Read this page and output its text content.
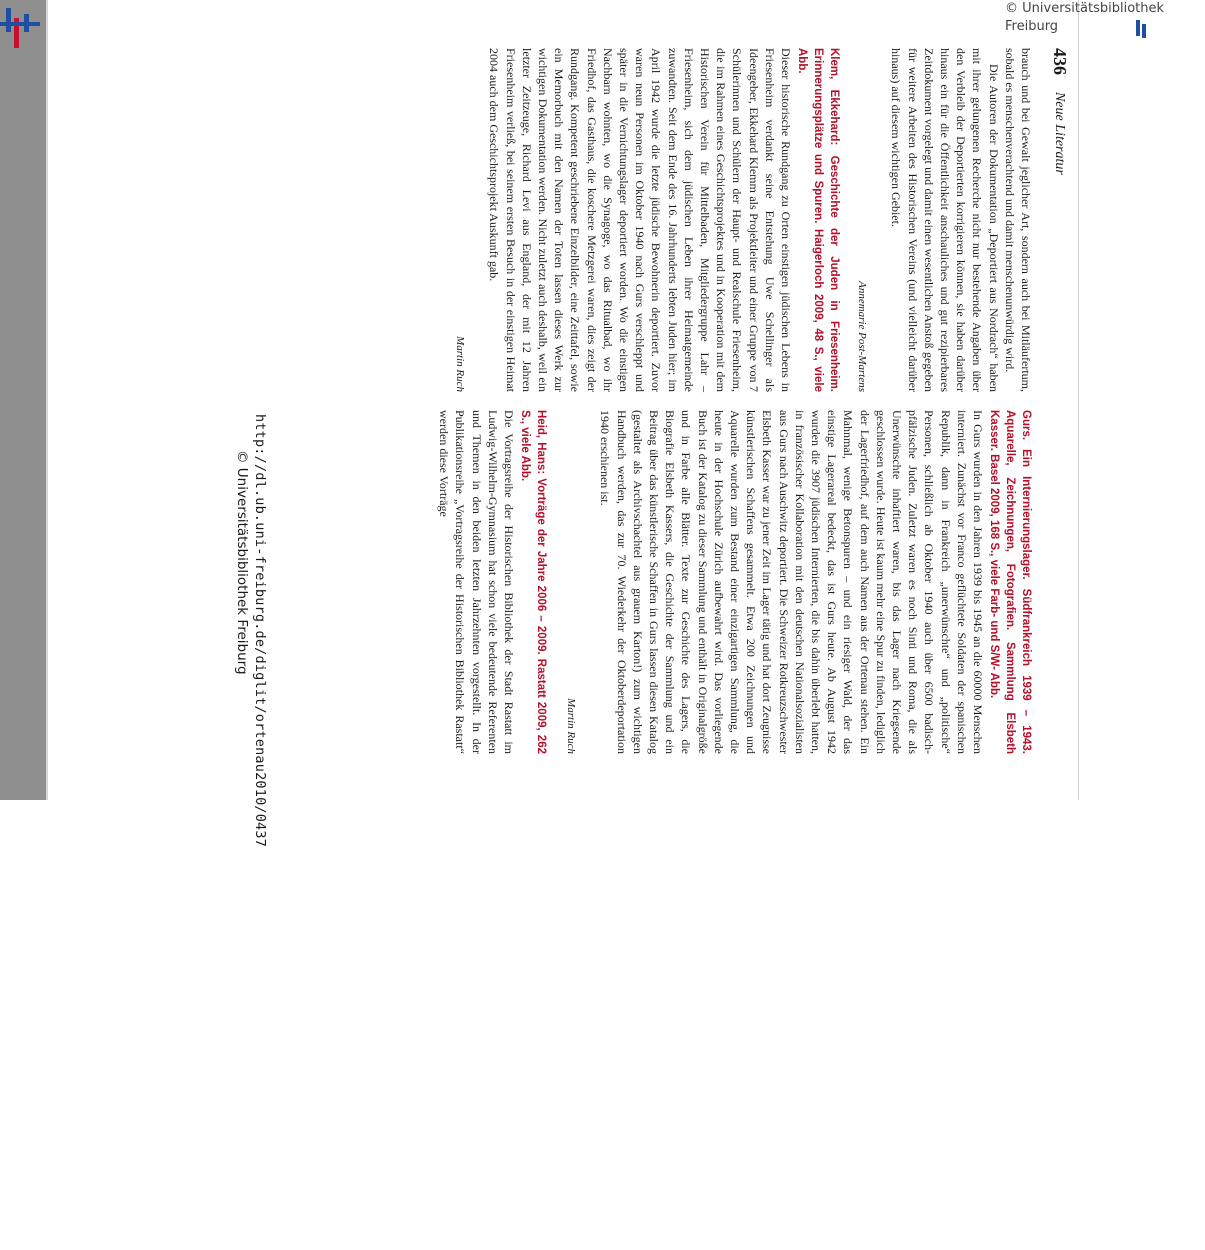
436
Neue Literatur

brauch und bei Gewalt jeglicher Art, sondern auch bei Mitläufertum, sobald es menschenverachtend und damit menschenunwürdig wird.

Die Autoren der Dokumentation „Deportiert aus Nordrach“ haben mit ihrer gelungenen Recherche nicht nur bestehende Angaben über den Verbleib der Deportierten korrigieren können, sie haben darüber hinaus ein für die Öffentlichkeit anschauliches und gut rezipierbares Zeitdokument vorgelegt und damit einen wesentlichen Anstoß gegeben für weitere Arbeiten des Historischen Vereins (und vielleicht darüber hinaus) auf diesem wichtigen Gebiet.

Annemarie Post-Martens

Klem, Ekkehard: Geschichte der Juden in Friesenheim. Erinnerungsplätze und Spuren. Haigerloch 2009, 48 S., viele Abb.

Dieser historische Rundgang zu Orten einstigen jüdischen Lebens in Friesenheim verdankt seine Entstehung Uwe Schellinger als Ideengeber, Ekkehard Klemm als Projektleiter und einer Gruppe von 7 Schülerinnen und Schülern der Haupt- und Realschule Friesenheim, die im Rahmen eines Geschichtsprojektes und in Kooperation mit dem Historischen Verein für Mittelbaden, Mitgliedergruppe Lahr – Friesenheim, sich dem jüdischen Leben ihrer Heimatgemeinde zuwandten. Seit dem Ende des 16. Jahrhunderts lebten Juden hier; im April 1942 wurde die letzte jüdische Bewohnerin deportiert. Zuvor waren neun Personen im Oktober 1940 nach Gurs verschleppt und später in die Vernichtungslager deportiert worden. Wo die einstigen Nachbarn wohnten, wo die Synagoge, wo das Ritualbad, wo ihr Friedhof, das Gasthaus, die koschere Metzgerei waren, dies zeigt der Rundgang. Kompetent geschriebene Einzelbilder, eine Zeittafel, sowie ein Memorbuch mit den Namen der Toten lassen dieses Werk zur wichtigen Dokumentation werden. Nicht zuletzt auch deshalb, weil ein letzter Zeitzeuge, Richard Levi aus England, der mit 12 Jahren Friesenheim verließ, bei seinem ersten Besuch in der einstigen Heimat 2004 auch dem Geschichtsprojekt Auskunft gab.

Martin Ruch

Gurs. Ein Internierungslager. Südfrankreich 1939 – 1943. Aquarelle, Zeichnungen, Fotografien. Sammlung Elsbeth Kasser. Basel 2009, 168 S., viele Farb- und S/W- Abb.

In Gurs wurden in den Jahren 1939 bis 1945 an die 60000 Menschen interniert. Zunächst vor Franco geflüchtete Soldaten der spanischen Republik, dann in Frankreich „unerwünschte“ und „politische“ Personen, schließlich ab Oktober 1940 auch über 6500 badisch-pfälzische Juden. Zuletzt waren es noch Sinti und Roma, die als Unerwünschte inhaftiert waren, bis das Lager nach Kriegsende geschlossen wurde. Heute ist kaum mehr eine Spur zu finden, lediglich der Lagerfriedhof, auf dem auch Namen aus der Ortenau stehen. Ein Mahnmal, wenige Betonspuren – und ein riesiger Wald, der das einstige Lagerareal bedeckt, das ist Gurs heute. Ab August 1942 wurden die 3907 jüdischen Internierten, die bis dahin überlebt hatten, in französischer Kollaboration mit den deutschen Nationalsozialisten aus Gurs nach Auschwitz deportiert. Die Schweizer Rotkreuzschwester Elsbeth Kasser war zu jener Zeit im Lager tätig und hat dort Zeugnisse künstlerischen Schaffens gesammelt. Etwa 200 Zeichnungen und Aquarelle wurden zum Bestand einer einzigartigen Sammlung, die heute in der Hochschule Zürich aufbewahrt wird. Das vorliegende Buch ist der Katalog zu dieser Sammlung und enthält in Originalgröße und in Farbe alle Blätter. Texte zur Geschichte des Lagers, die Biografie Elsbeth Kassers, die Geschichte der Sammlung und ein Beitrag über das künstlerische Schaffen in Gurs lassen diesen Katalog (gestaltet als Archivschachtel aus grauem Karton!) zum wichtigen Handbuch werden, das zur 70. Wiederkehr der Oktoberdeportation 1940 erschienen ist.

Martin Ruch

Heid, Hans: Vorträge der Jahre 2006 – 2009. Rastatt 2009, 262 S., viele Abb.

Die Vortragsreihe der Historischen Bibliothek der Stadt Rastatt im Ludwig-Wilhelm-Gymnasium hat schon viele bedeutende Referenten und Themen in den beiden letzten Jahrzehnten vorgestellt. In der Publikationsreihe „Vortragsreihe der Historischen Bibliothek Rastatt“ werden diese Vorträge

http://dl.ub.uni-freiburg.de/diglit/ortenau2010/0437
© Universitätsbibliothek Freiburg
© Universitätsbibliothek Freiburg
